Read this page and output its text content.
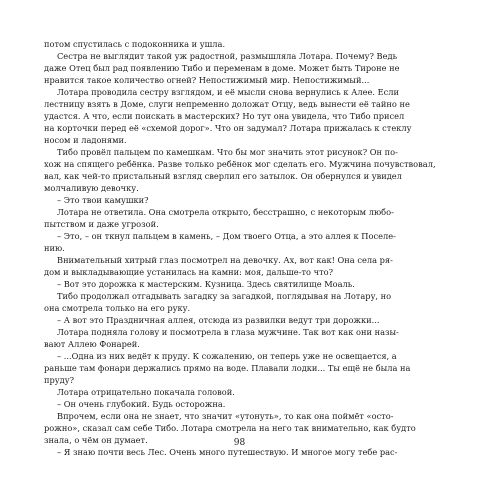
потом спустилась с подоконника и ушла.
Сестра не выглядит такой уж радостной, размышляла Лотара. Почему? Ведь
даже Отец был рад появлению Тибо и переменам в доме. Может быть Тироне не
нравится такое количество огней? Непостижимый мир. Непостижимый...
Лотара проводила сестру взглядом, и её мысли снова вернулись к Алее. Если
лестницу взять в Доме, слуги непременно доложат Отцу, ведь вынести её тайно не
удастся. А что, если поискать в мастерских? Но тут она увидела, что Тибо присел
на корточки перед её «схемой дорог». Что он задумал? Лотара прижалась к стеклу
носом и ладонями.
Тибо провёл пальцем по камешкам. Что бы мог значить этот рисунок? Он по-
хож на спящего ребёнка. Разве только ребёнок мог сделать его. Мужчина почувствовал,
вал, как чей-то пристальный взгляд сверлил его затылок. Он обернулся и увидел
молчаливую девочку.
– Это твои камушки?
Лотара не ответила. Она смотрела открыто, бесстрашно, с некоторым любо-
пытством и даже угрозой.
– Это, – он ткнул пальцем в камень, – Дом твоего Отца, а это аллея к Поселе-
нию.
Внимательный хитрый глаз посмотрел на девочку. Ах, вот как! Она села ря-
дом и выкладывающие устанилась на камни: моя, дальше-то что?
– Вот это дорожка к мастерским. Кузница. Здесь святилище Моаль.
Тибо продолжал отгадывать загадку за загадкой, поглядывая на Лотару, но
она смотрела только на его руку.
– А вот это Праздничная аллея, отсюда из развилки ведут три дорожки...
Лотара подняла голову и посмотрела в глаза мужчине. Так вот как они назы-
вают Аллею Фонарей.
– ...Одна из них ведёт к пруду. К сожалению, он теперь уже не освещается, а
раньше там фонари держались прямо на воде. Плавали лодки... Ты ещё не была на
пруду?
Лотара отрицательно покачала головой.
– Он очень глубокий. Будь осторожна.
Впрочем, если она не знает, что значит «утонуть», то как она поймёт «осто-
рожно», сказал сам себе Тибо. Лотара смотрела на него так внимательно, как будто
знала, о чём он думает.
– Я знаю почти весь Лес. Очень много путешествую. И многое могу тебе рас-
98
